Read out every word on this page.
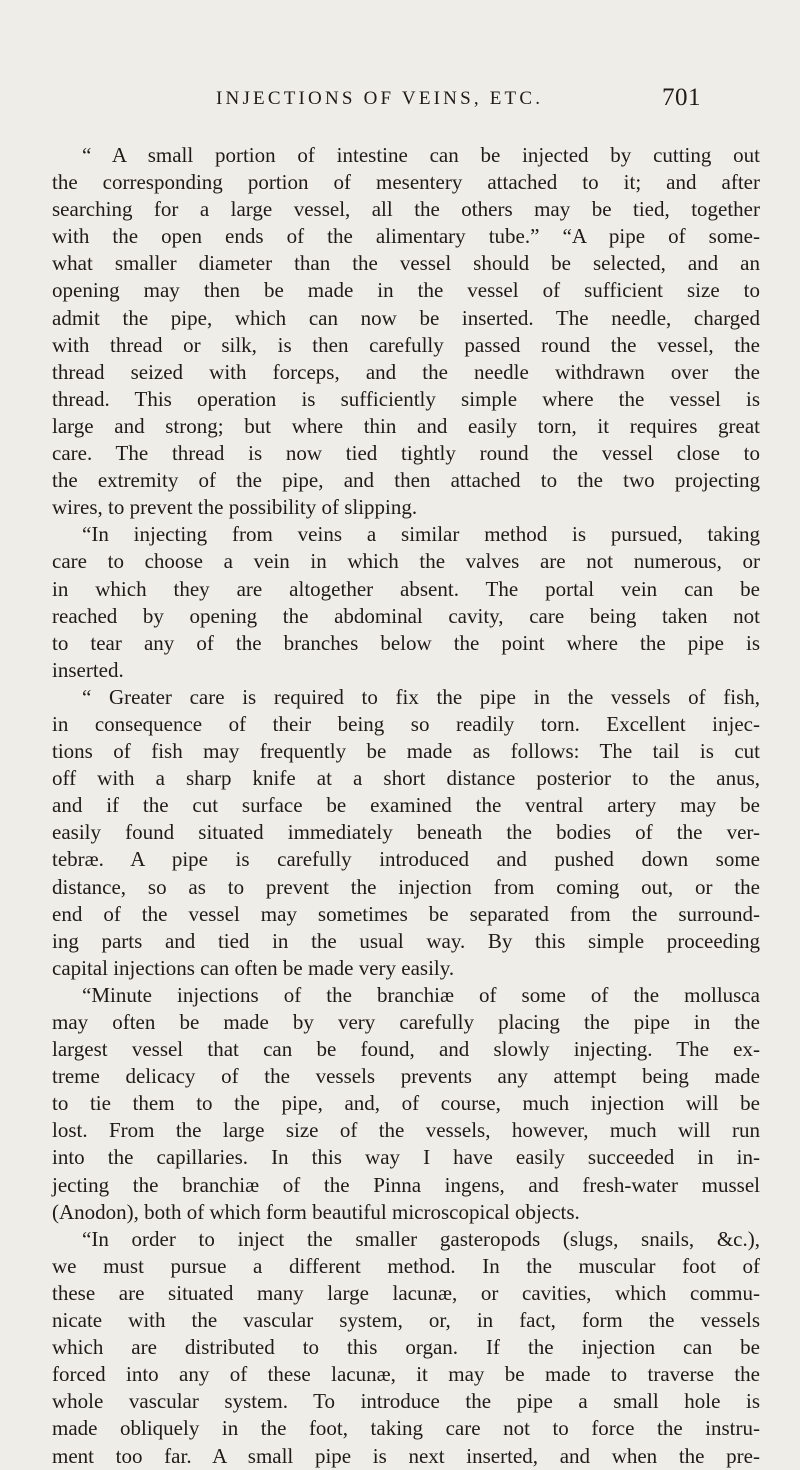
INJECTIONS OF VEINS, ETC.	701
“ A small portion of intestine can be injected by cutting out
the corresponding portion of mesentery attached to it; and after
searching for a large vessel, all the others may be tied, together
with the open ends of the alimentary tube.” “A pipe of some-
what smaller diameter than the vessel should be selected, and an
opening may then be made in the vessel of sufficient size to
admit the pipe, which can now be inserted. The needle, charged
with thread or silk, is then carefully passed round the vessel, the
thread seized with forceps, and the needle withdrawn over the
thread. This operation is sufficiently simple where the vessel is
large and strong; but where thin and easily torn, it requires great
care. The thread is now tied tightly round the vessel close to
the extremity of the pipe, and then attached to the two projecting
wires, to prevent the possibility of slipping.
“In injecting from veins a similar method is pursued, taking
care to choose a vein in which the valves are not numerous, or
in which they are altogether absent. The portal vein can be
reached by opening the abdominal cavity, care being taken not
to tear any of the branches below the point where the pipe is
inserted.
“ Greater care is required to fix the pipe in the vessels of fish,
in consequence of their being so readily torn. Excellent injec-
tions of fish may frequently be made as follows: The tail is cut
off with a sharp knife at a short distance posterior to the anus,
and if the cut surface be examined the ventral artery may be
easily found situated immediately beneath the bodies of the ver-
tebræ. A pipe is carefully introduced and pushed down some
distance, so as to prevent the injection from coming out, or the
end of the vessel may sometimes be separated from the surround-
ing parts and tied in the usual way. By this simple proceeding
capital injections can often be made very easily.
“Minute injections of the branchiæ of some of the mollusca
may often be made by very carefully placing the pipe in the
largest vessel that can be found, and slowly injecting. The ex-
treme delicacy of the vessels prevents any attempt being made
to tie them to the pipe, and, of course, much injection will be
lost. From the large size of the vessels, however, much will run
into the capillaries. In this way I have easily succeeded in in-
jecting the branchiæ of the Pinna ingens, and fresh-water mussel
(Anodon), both of which form beautiful microscopical objects.
“In order to inject the smaller gasteropods (slugs, snails, &c.),
we must pursue a different method. In the muscular foot of
these are situated many large lacunæ, or cavities, which commu-
nicate with the vascular system, or, in fact, form the vessels
which are distributed to this organ. If the injection can be
forced into any of these lacunæ, it may be made to traverse the
whole vascular system. To introduce the pipe a small hole is
made obliquely in the foot, taking care not to force the instru-
ment too far. A small pipe is next inserted, and when the pre-
